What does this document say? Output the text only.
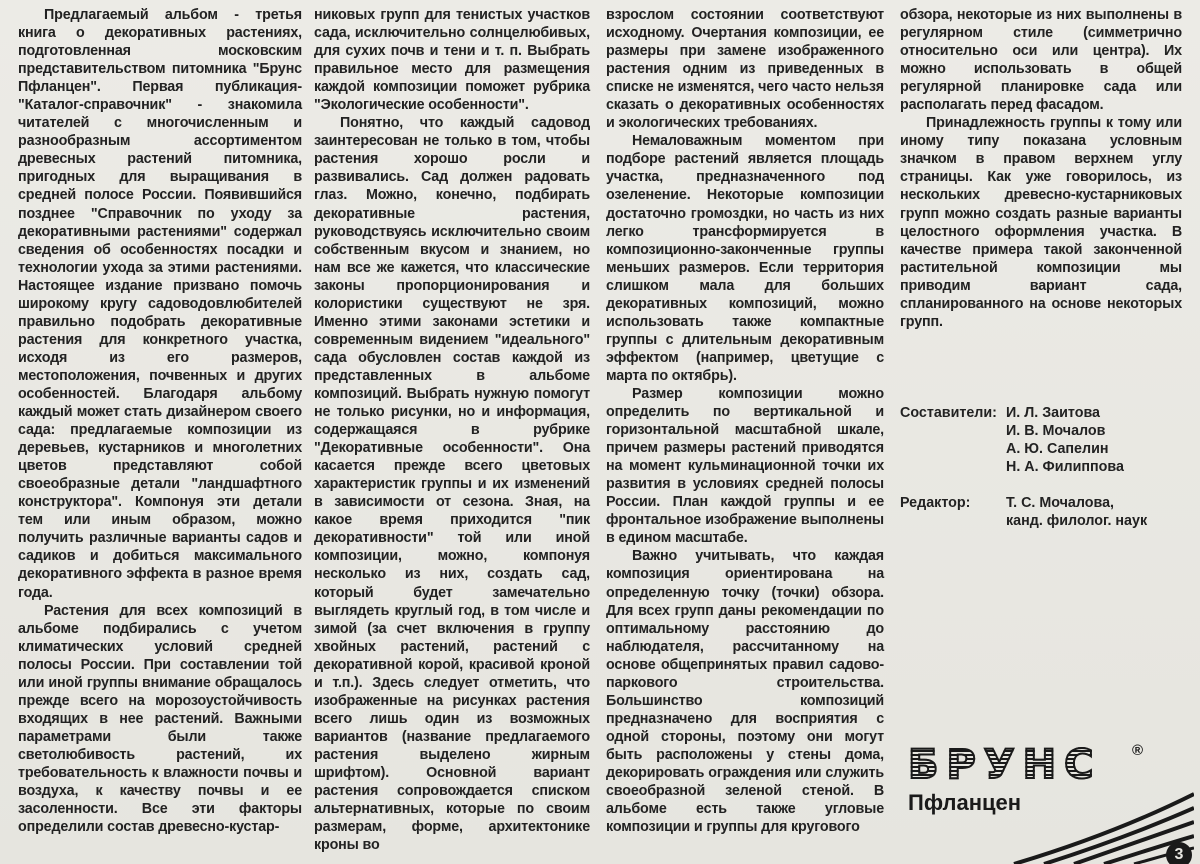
Предлагаемый альбом - третья книга о декоративных растениях, подготовленная московским представительством питомника "Брунс Пфланцен". Первая публикация-"Каталог-справочник" - знакомила читателей с многочисленным и разнообразным ассортиментом древесных растений питомника, пригодных для выращивания в средней полосе России. Появившийся позднее "Справочник по уходу за декоративными растениями" содержал сведения об особенностях посадки и технологии ухода за этими растениями. Настоящее издание призвано помочь широкому кругу садоводовлюбителей правильно подобрать декоративные растения для конкретного участка, исходя из его размеров, местоположения, почвенных и других особенностей. Благодаря альбому каждый может стать дизайнером своего сада: предлагаемые композиции из деревьев, кустарников и многолетних цветов представляют собой своеобразные детали "ландшафтного конструктора". Компонуя эти детали тем или иным образом, можно получить различные варианты садов и садиков и добиться максимального декоративного эффекта в разное время года.

Растения для всех композиций в альбоме подбирались с учетом климатических условий средней полосы России. При составлении той или иной группы внимание обращалось прежде всего на морозоустойчивость входящих в нее растений. Важными параметрами были также светолюбивость растений, их требовательность к влажности почвы и воздуха, к качеству почвы и ее засоленности. Все эти факторы определили состав древесно-кустар-

никовых групп для тенистых участков сада, исключительно солнцелюбивых, для сухих почв и тени и т. п. Выбрать правильное место для размещения каждой композиции поможет рубрика "Экологические особенности".

Понятно, что каждый садовод заинтересован не только в том, чтобы растения хорошо росли и развивались. Сад должен радовать глаз. Можно, конечно, подбирать декоративные растения, руководствуясь исключительно своим собственным вкусом и знанием, но нам все же кажется, что классические законы пропорционирования и колористики существуют не зря. Именно этими законами эстетики и современным видением "идеального" сада обусловлен состав каждой из представленных в альбоме композиций. Выбрать нужную помогут не только рисунки, но и информация, содержащаяся в рубрике "Декоративные особенности". Она касается прежде всего цветовых характеристик группы и их изменений в зависимости от сезона. Зная, на какое время приходится "пик декоративности" той или иной композиции, можно, компонуя несколько из них, создать сад, который будет замечательно выглядеть круглый год, в том числе и зимой (за счет включения в группу хвойных растений, растений с декоративной корой, красивой кроной и т.п.). Здесь следует отметить, что изображенные на рисунках растения всего лишь один из возможных вариантов (название предлагаемого растения выделено жирным шрифтом). Основной вариант растения сопровождается списком альтернативных, которые по своим размерам, форме, архитектонике кроны во

взрослом состоянии соответствуют исходному. Очертания композиции, ее размеры при замене изображенного растения одним из приведенных в списке не изменятся, чего часто нельзя сказать о декоративных особенностях и экологических требованиях.

Немаловажным моментом при подборе растений является площадь участка, предназначенного под озеленение. Некоторые композиции достаточно громоздки, но часть из них легко трансформируется в композиционно-законченные группы меньших размеров. Если территория слишком мала для больших декоративных композиций, можно использовать также компактные группы с длительным декоративным эффектом (например, цветущие с марта по октябрь).

Размер композиции можно определить по вертикальной и горизонтальной масштабной шкале, причем размеры растений приводятся на момент кульминационной точки их развития в условиях средней полосы России. План каждой группы и ее фронтальное изображение выполнены в едином масштабе.

Важно учитывать, что каждая композиция ориентирована на определенную точку (точки) обзора. Для всех групп даны рекомендации по оптимальному расстоянию до наблюдателя, рассчитанному на основе общепринятых правил садово-паркового строительства. Большинство композиций предназначено для восприятия с одной стороны, поэтому они могут быть расположены у стены дома, декорировать ограждения или служить своеобразной зеленой стеной. В альбоме есть также угловые композиции и группы для кругового

обзора, некоторые из них выполнены в регулярном стиле (симметрично относительно оси или центра). Их можно использовать в общей регулярной планировке сада или располагать перед фасадом.

Принадлежность группы к тому или иному типу показана условным значком в правом верхнем углу страницы. Как уже говорилось, из нескольких древесно-кустарниковых групп можно создать разные варианты целостного оформления участка. В качестве примера такой законченной растительной композиции мы приводим вариант сада, спланированного на основе некоторых групп.

Составители: И. Л. Заитова
И. В. Мочалов
А. Ю. Сапелин
Н. А. Филиппова
Редактор:	Т. С. Мочалова,
канд. филолог. наук
БРУНС ®
Пфланцен
3
